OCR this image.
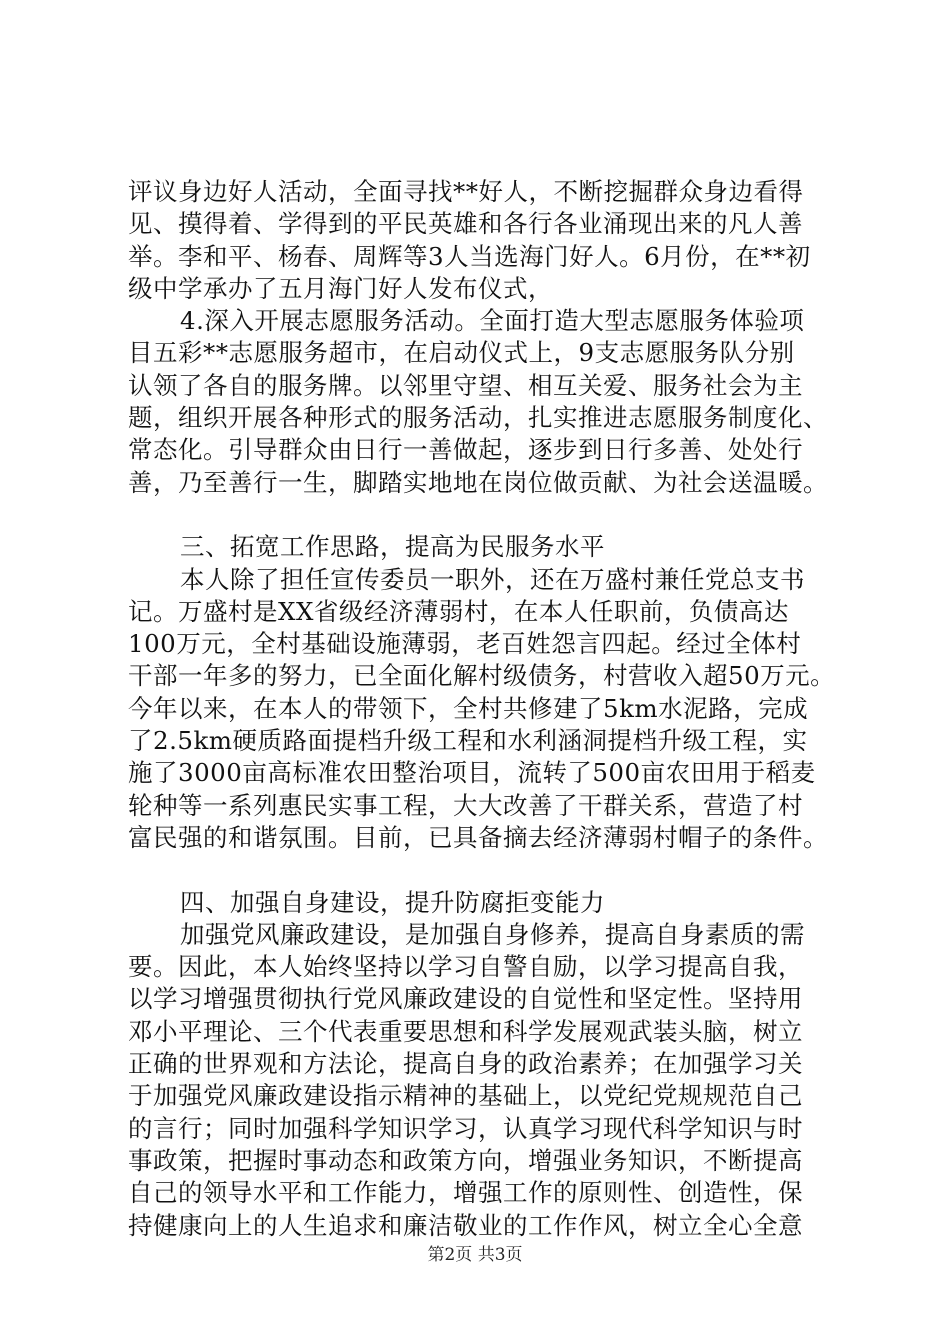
评议身边好人活动，全面寻找**好人，不断挖掘群众身边看得
见、摸得着、学得到的平民英雄和各行各业涌现出来的凡人善
举。李和平、杨春、周辉等3人当选海门好人。6月份，在**初
级中学承办了五月海门好人发布仪式，
4.深入开展志愿服务活动。全面打造大型志愿服务体验项
目五彩**志愿服务超市，在启动仪式上，9支志愿服务队分别
认领了各自的服务牌。以邻里守望、相互关爱、服务社会为主
题，组织开展各种形式的服务活动，扎实推进志愿服务制度化、
常态化。引导群众由日行一善做起，逐步到日行多善、处处行
善，乃至善行一生，脚踏实地地在岗位做贡献、为社会送温暖。
三、拓宽工作思路，提高为民服务水平
本人除了担任宣传委员一职外，还在万盛村兼任党总支书
记。万盛村是XX省级经济薄弱村，在本人任职前，负债高达
100万元，全村基础设施薄弱，老百姓怨言四起。经过全体村
干部一年多的努力，已全面化解村级债务，村营收入超50万元。
今年以来，在本人的带领下，全村共修建了5km水泥路，完成
了2.5km硬质路面提档升级工程和水利涵洞提档升级工程，实
施了3000亩高标准农田整治项目，流转了500亩农田用于稻麦
轮种等一系列惠民实事工程，大大改善了干群关系，营造了村
富民强的和谐氛围。目前，已具备摘去经济薄弱村帽子的条件。
四、加强自身建设，提升防腐拒变能力
加强党风廉政建设，是加强自身修养，提高自身素质的需
要。因此，本人始终坚持以学习自警自励，以学习提高自我，
以学习增强贯彻执行党风廉政建设的自觉性和坚定性。坚持用
邓小平理论、三个代表重要思想和科学发展观武装头脑，树立
正确的世界观和方法论，提高自身的政治素养；在加强学习关
于加强党风廉政建设指示精神的基础上，以党纪党规规范自己
的言行；同时加强科学知识学习，认真学习现代科学知识与时
事政策，把握时事动态和政策方向，增强业务知识，不断提高
自己的领导水平和工作能力，增强工作的原则性、创造性，保
持健康向上的人生追求和廉洁敬业的工作作风，树立全心全意
第2页 共3页
